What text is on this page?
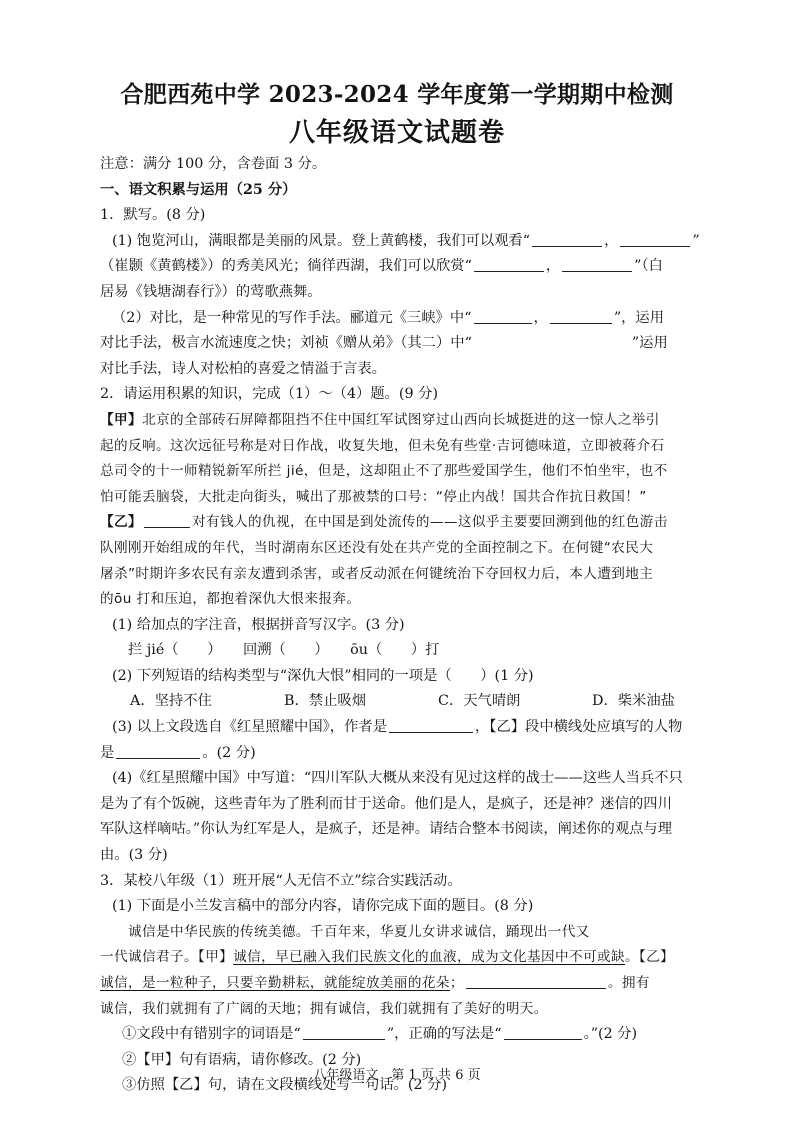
合肥西苑中学 2023-2024 学年度第一学期期中检测
八年级语文试题卷
注意：满分 100 分，含卷面 3 分。
一、语文积累与运用（25 分）
1．默写。(8 分)
(1) 饱览河山，满眼都是美丽的风景。登上黄鹤楼，我们可以观看“	，	”
（崔颢《黄鹤楼》）的秀美风光；徜徉西湖，我们可以欣赏“	，	”（白
居易《钱塘湖春行》）的莺歌燕舞。
（2）对比，是一种常见的写作手法。郦道元《三峡》中“	，	”，运用
对比手法，极言水流速度之快；刘祯《赠从弟》（其二）中“	”运用
对比手法，诗人对松柏的喜爱之情溢于言表。
2．请运用积累的知识，完成（1）～（4）题。(9 分)
【甲】北京的全部砖石屏障都阻挡不住中国红军试图穿过山西向长城挺进的这一惊人之举引
起的反响。这次远征号称是对日作战，收复失地，但未免有些堂·吉诃德味道，立即被蒋介石
总司令的十一师精锐新军所拦 jié，但是，这却阻止不了那些爱国学生，他们不怕坐牢，也不
怕可能丢脑袋，大批走向街头，喊出了那被禁的口号：“停止内战！国共合作抗日救国！”
【乙】	对有钱人的仇视，在中国是到处流传的——这似乎主要要回溯到他的红色游击
队刚刚开始组成的年代，当时湖南东区还没有处在共产党的全面控制之下。在何键“农民大
屠杀”时期许多农民有亲友遭到杀害，或者反动派在何键统治下夺回权力后，本人遭到地主
的ōu 打和压迫，都抱着深仇大恨来报奔。
(1) 给加点的字注音，根据拼音写汉字。(3 分)
拦 jié（　　）　　回溯（　　）　　ōu（　　）打
(2) 下列短语的结构类型与“深仇大恨”相同的一项是（　　）(1 分)
A．坚持不住	B．禁止吸烟	C．天气晴朗	D．柴米油盐
(3) 以上文段选自《红星照耀中国》，作者是	，【乙】段中横线处应填写的人物
是	。(2 分)
(4)《红星照耀中国》中写道：“四川军队大概从来没有见过这样的战士——这些人当兵不只
是为了有个饭碗，这些青年为了胜利而甘于送命。他们是人，是疯子，还是神？迷信的四川
军队这样嘀咕。”你认为红军是人，是疯子，还是神。请结合整本书阅读，阐述你的观点与理
由。(3 分)
3．某校八年级（1）班开展“人无信不立”综合实践活动。
(1) 下面是小兰发言稿中的部分内容，请你完成下面的题目。(8 分)
诚信是中华民族的传统美德。千百年来，华夏儿女讲求诚信，踊现出一代又
一代诚信君子。【甲】诚信，早已融入我们民族文化的血液，成为文化基因中不可或缺。【乙】
诚信，是一粒种子，只要辛勤耕耘，就能绽放美丽的花朵；	。拥有
诚信，我们就拥有了广阔的天地；拥有诚信，我们就拥有了美好的明天。
①文段中有错别字的词语是“	”，正确的写法是“	。”(2 分)
②【甲】句有语病，请你修改。(2 分)
③仿照【乙】句，请在文段横线处写一句话。(2 分)
八年级语文　第 1 页 共 6 页
